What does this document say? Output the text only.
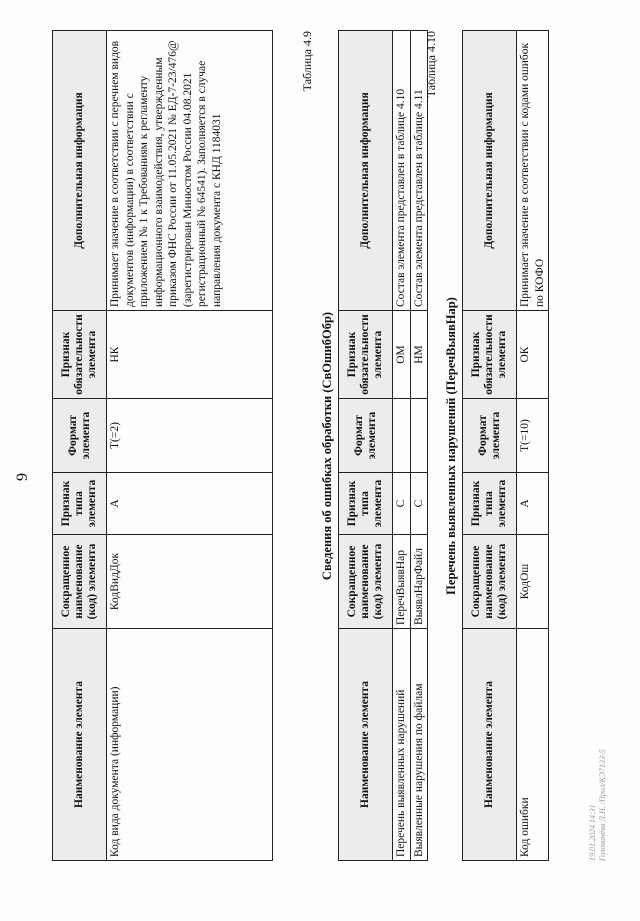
9
Наименование элемента	Сокращенное наименование (код) элемента	Признак типа элемента	Формат элемента	Признак обязательности элемента	Дополнительная информация
Код вида документа (информации)	КодВидДок	А	T(=2)	НК	Принимает значение в соответствии с перечнем видов документов (информации) в соответствии с приложением № 1 к Требованиям к регламенту информационного взаимодействия, утвержденным приказом ФНС России от 11.05.2021 № ЕД-7-23/476@ (зарегистрирован Минюстом России 04.08.2021 регистрационный № 64541). Заполняется в случае направления документа с КНД 1184031
Таблица 4.9
Сведения об ошибках обработки (СвОшибОбр)
Наименование элемента	Сокращенное наименование (код) элемента	Признак типа элемента	Формат элемента	Признак обязательности элемента	Дополнительная информация
Перечень выявленных нарушений	ПеречВыявНар	С		ОМ	Состав элемента представлен в таблице 4.10
Выявленные нарушения по файлам	ВыявлНарФайл	С		НМ	Состав элемента представлен в таблице 4.11
Таблица 4.10
Перечень выявленных нарушений (ПеречВыявНар)
Наименование элемента	Сокращенное наименование (код) элемента	Признак типа элемента	Формат элемента	Признак обязательности элемента	Дополнительная информация
Код ошибки	КодОш	А	T(=10)	ОК	Принимает значение в соответствии с кодами ошибок по КОФО
19.01.2024 14:31 Головачёва Л.Н. /Прил/КЭ7133-5
